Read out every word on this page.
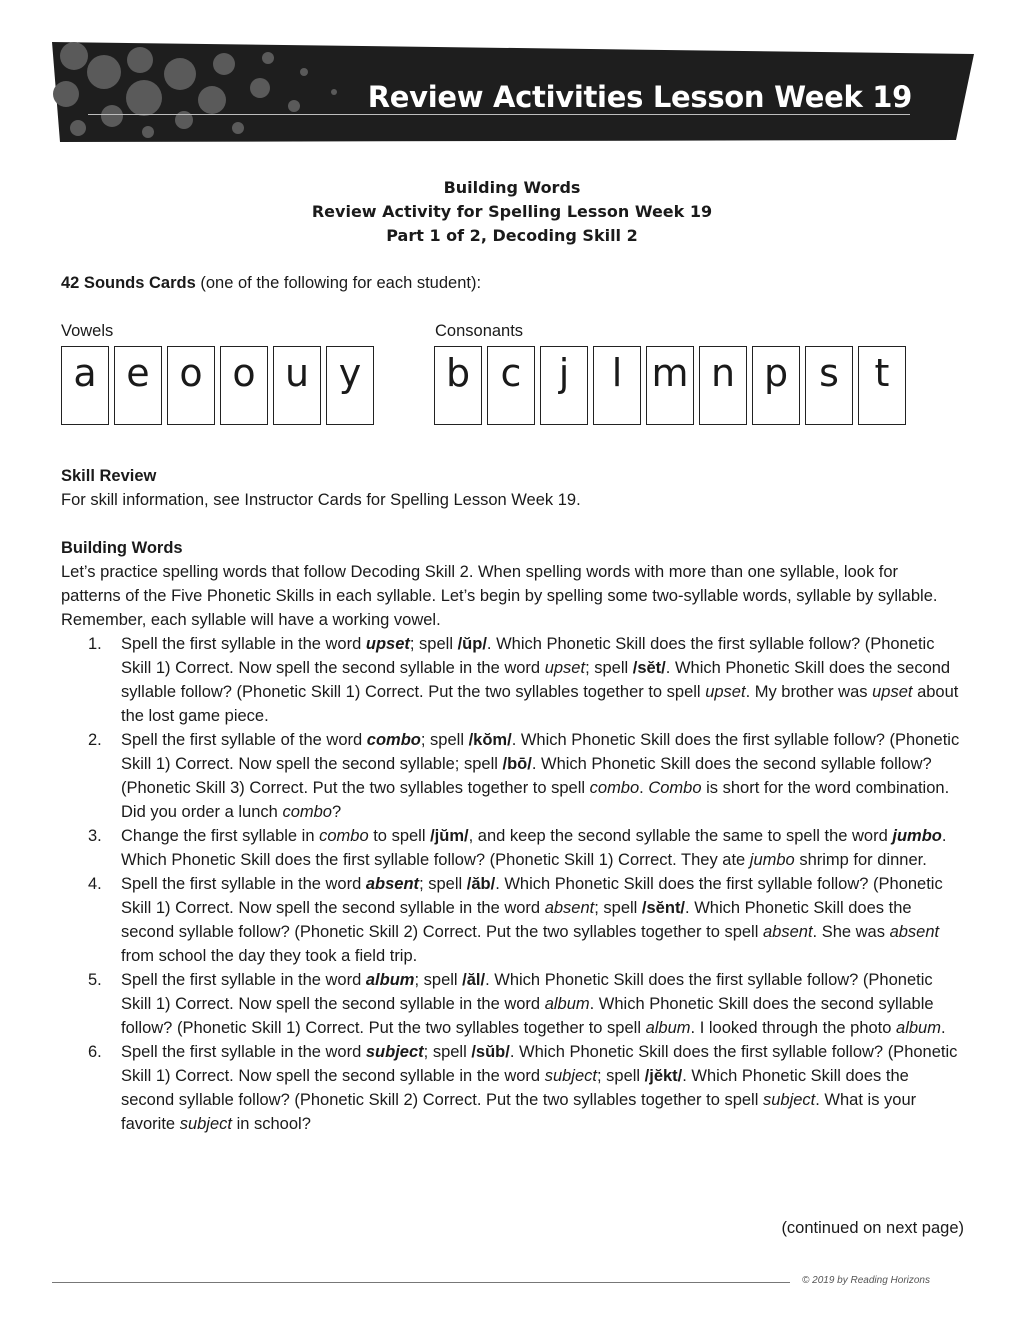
Review Activities Lesson Week 19
Building Words
Review Activity for Spelling Lesson Week 19
Part 1 of 2, Decoding Skill 2
42 Sounds Cards (one of the following for each student):
Vowels	Consonants
a e o o u y	b c j	l m n p s t
Skill Review
For skill information, see Instructor Cards for Spelling Lesson Week 19.
Building Words
Let’s practice spelling words that follow Decoding Skill 2. When spelling words with more than one syllable, look for patterns of the Five Phonetic Skills in each syllable. Let’s begin by spelling some two-syllable words, syllable by syllable. Remember, each syllable will have a working vowel.
1. Spell the first syllable in the word upset; spell /ŭp/. Which Phonetic Skill does the first syllable follow? (Phonetic Skill 1) Correct. Now spell the second syllable in the word upset; spell /sĕt/. Which Phonetic Skill does the second syllable follow? (Phonetic Skill 1) Correct. Put the two syllables together to spell upset. My brother was upset about the lost game piece.
2. Spell the first syllable of the word combo; spell /kŏm/. Which Phonetic Skill does the first syllable follow? (Phonetic Skill 1) Correct. Now spell the second syllable; spell /bō/. Which Phonetic Skill does the second syllable follow? (Phonetic Skill 3) Correct. Put the two syllables together to spell combo. Combo is short for the word combination. Did you order a lunch combo?
3. Change the first syllable in combo to spell /jŭm/, and keep the second syllable the same to spell the word jumbo. Which Phonetic Skill does the first syllable follow? (Phonetic Skill 1) Correct. They ate jumbo shrimp for dinner.
4. Spell the first syllable in the word absent; spell /ăb/. Which Phonetic Skill does the first syllable follow? (Phonetic Skill 1) Correct. Now spell the second syllable in the word absent; spell /sĕnt/. Which Phonetic Skill does the second syllable follow? (Phonetic Skill 2) Correct. Put the two syllables together to spell absent. She was absent from school the day they took a field trip.
5. Spell the first syllable in the word album; spell /ăl/. Which Phonetic Skill does the first syllable follow? (Phonetic Skill 1) Correct. Now spell the second syllable in the word album. Which Phonetic Skill does the second syllable follow? (Phonetic Skill 1) Correct. Put the two syllables together to spell album. I looked through the photo album.
6. Spell the first syllable in the word subject; spell /sŭb/. Which Phonetic Skill does the first syllable follow? (Phonetic Skill 1) Correct. Now spell the second syllable in the word subject; spell /jĕkt/. Which Phonetic Skill does the second syllable follow? (Phonetic Skill 2) Correct. Put the two syllables together to spell subject. What is your favorite subject in school?
(continued on next page)
© 2019 by Reading Horizons
